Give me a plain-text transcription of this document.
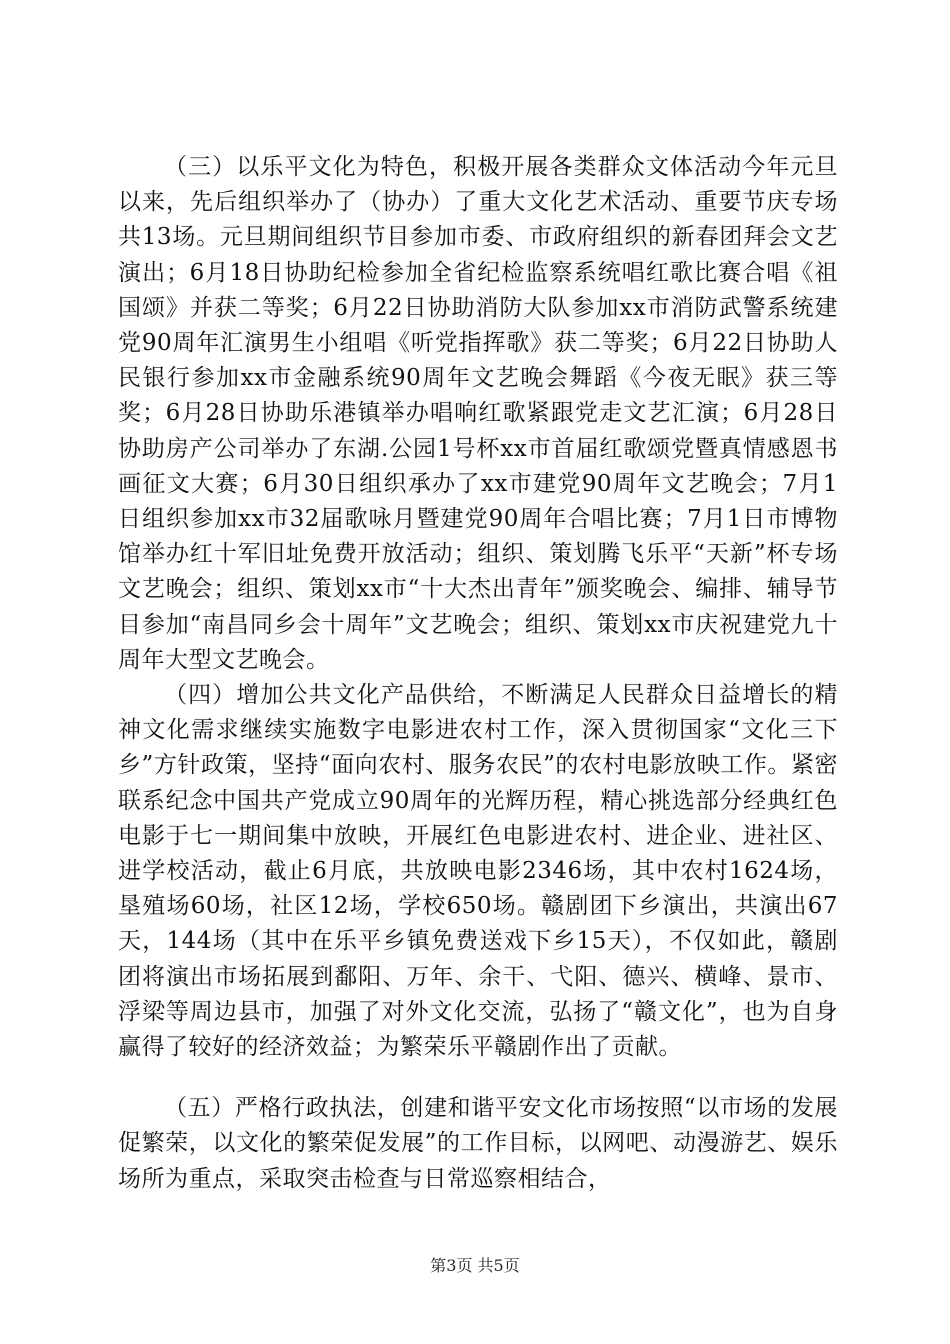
（三）以乐平文化为特色，积极开展各类群众文体活动今年元旦以来，先后组织举办了（协办）了重大文化艺术活动、重要节庆专场共13场。元旦期间组织节目参加市委、市政府组织的新春团拜会文艺演出；6月18日协助纪检参加全省纪检监察系统唱红歌比赛合唱《祖国颂》并获二等奖；6月22日协助消防大队参加xx市消防武警系统建党90周年汇演男生小组唱《听党指挥歌》获二等奖；6月22日协助人民银行参加xx市金融系统90周年文艺晚会舞蹈《今夜无眠》获三等奖；6月28日协助乐港镇举办唱响红歌紧跟党走文艺汇演；6月28日协助房产公司举办了东湖.公园1号杯xx市首届红歌颂党暨真情感恩书画征文大赛；6月30日组织承办了xx市建党90周年文艺晚会；7月1日组织参加xx市32届歌咏月暨建党90周年合唱比赛；7月1日市博物馆举办红十军旧址免费开放活动；组织、策划腾飞乐平“天新”杯专场文艺晚会；组织、策划xx市“十大杰出青年”颁奖晚会、编排、辅导节目参加“南昌同乡会十周年”文艺晚会；组织、策划xx市庆祝建党九十周年大型文艺晚会。

（四）增加公共文化产品供给，不断满足人民群众日益增长的精神文化需求继续实施数字电影进农村工作，深入贯彻国家“文化三下乡”方针政策，坚持“面向农村、服务农民”的农村电影放映工作。紧密联系纪念中国共产党成立90周年的光辉历程，精心挑选部分经典红色电影于七一期间集中放映，开展红色电影进农村、进企业、进社区、进学校活动，截止6月底，共放映电影2346场，其中农村1624场，垦殖场60场，社区12场，学校650场。赣剧团下乡演出，共演出67天，144场（其中在乐平乡镇免费送戏下乡15天），不仅如此，赣剧团将演出市场拓展到鄱阳、万年、余干、弋阳、德兴、横峰、景市、浮梁等周边县市，加强了对外文化交流，弘扬了“赣文化”，也为自身赢得了较好的经济效益；为繁荣乐平赣剧作出了贡献。

（五）严格行政执法，创建和谐平安文化市场按照“以市场的发展促繁荣，以文化的繁荣促发展”的工作目标，以网吧、动漫游艺、娱乐场所为重点，采取突击检查与日常巡察相结合，

第3页 共5页
